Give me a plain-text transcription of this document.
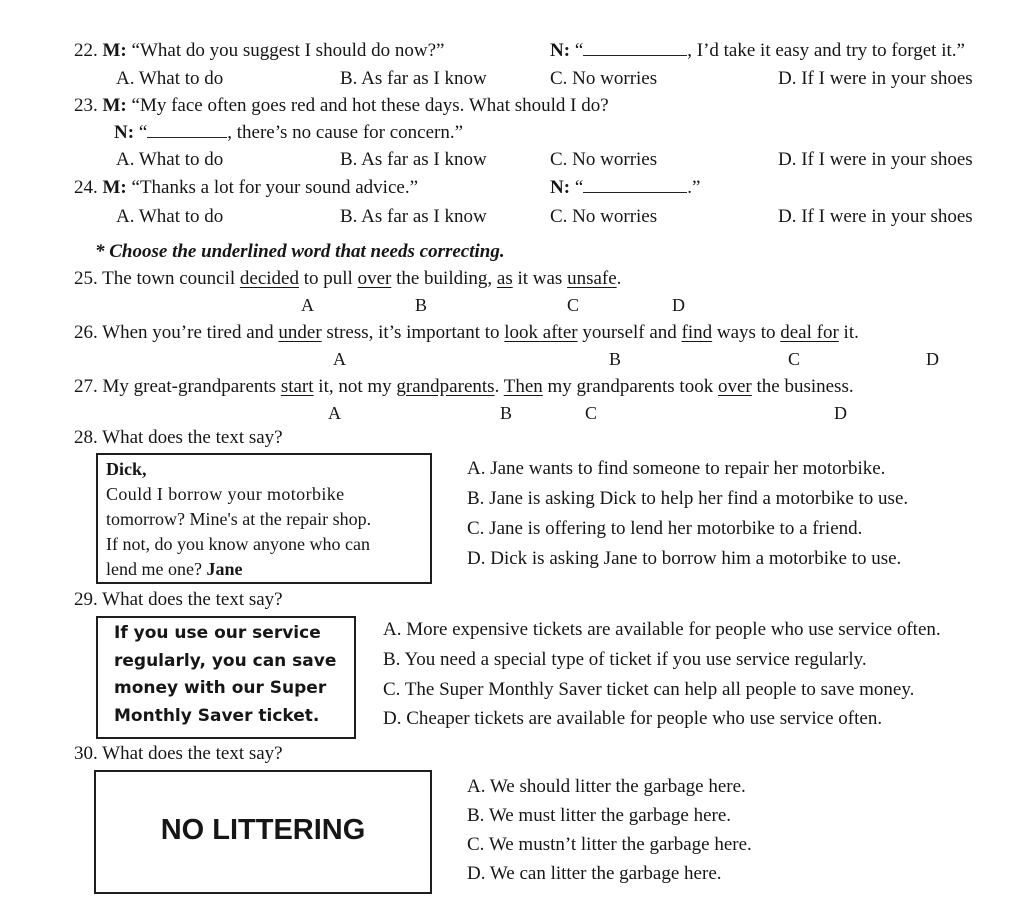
22. M: “What do you suggest I should do now?”	N: “	, I’d take it easy and try to forget it.”
A. What to do	B. As far as I know	C. No worries	D. If I were in your shoes
23. M: “My face often goes red and hot these days. What should I do?
N: “	, there’s no cause for concern.”
A. What to do	B. As far as I know	C. No worries	D. If I were in your shoes
24. M: “Thanks a lot for your sound advice.”	N: “	.”
A. What to do	B. As far as I know	C. No worries	D. If I were in your shoes
* Choose the underlined word that needs correcting.
25. The town council decided to pull over the building, as it was unsafe.
A	B	C	D
26. When you’re tired and under stress, it’s important to look after yourself and find ways to deal for it.
A	B	C	D
27. My great-grandparents start it, not my grandparents. Then my grandparents took over the business.
A	B	C	D
28. What does the text say?
Dick,
Could I borrow your motorbike
tomorrow? Mine's at the repair shop.
If not, do you know anyone who can
lend me one? Jane
A. Jane wants to find someone to repair her motorbike.
B. Jane is asking Dick to help her find a motorbike to use.
C. Jane is offering to lend her motorbike to a friend.
D. Dick is asking Jane to borrow him a motorbike to use.
29. What does the text say?
If you use our service
regularly, you can save
money with our Super
Monthly Saver ticket.
A. More expensive tickets are available for people who use service often.
B. You need a special type of ticket if you use service regularly.
C. The Super Monthly Saver ticket can help all people to save money.
D. Cheaper tickets are available for people who use service often.
30. What does the text say?
NO LITTERING
A. We should litter the garbage here.
B. We must litter the garbage here.
C. We mustn’t litter the garbage here.
D. We can litter the garbage here.
